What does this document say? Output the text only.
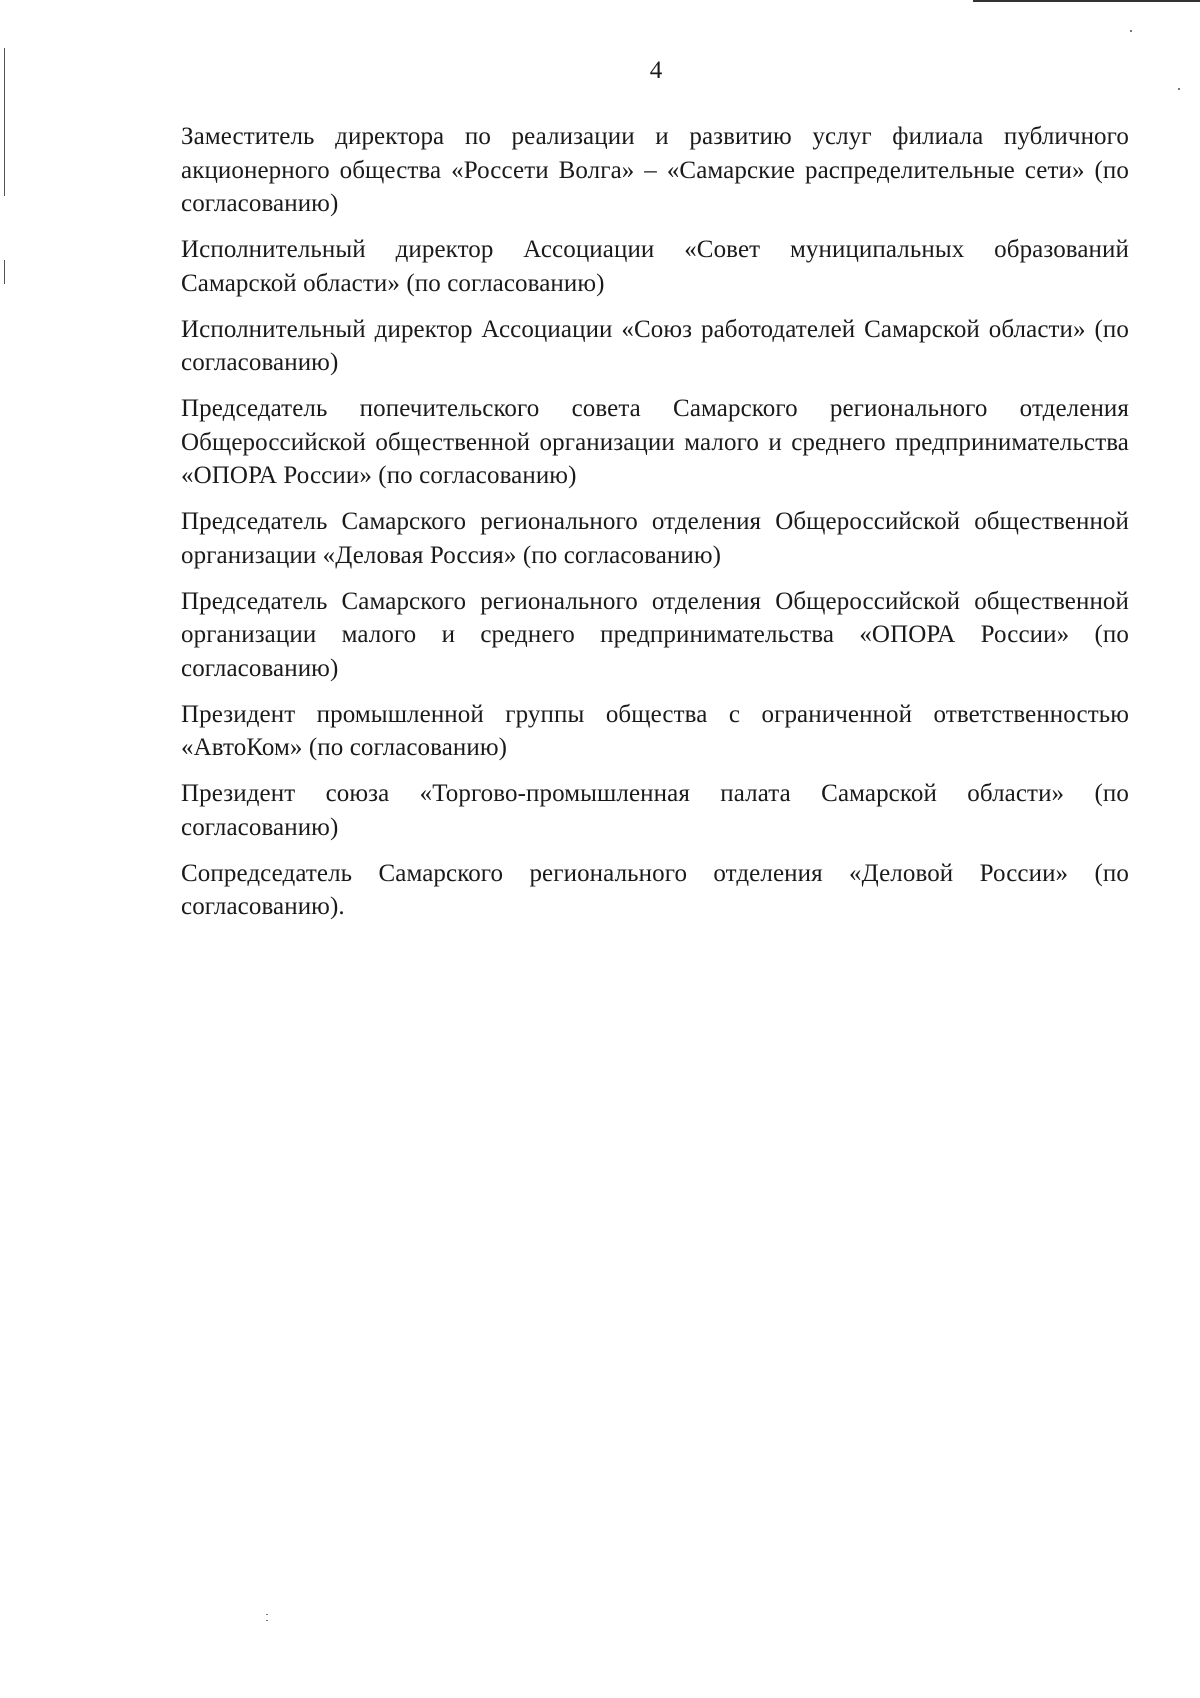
4

Заместитель директора по реализации и развитию услуг филиала публичного акционерного общества «Россети Волга» – «Самарские распределительные сети» (по согласованию)

Исполнительный директор Ассоциации «Совет муниципальных образований Самарской области» (по согласованию)

Исполнительный директор Ассоциации «Союз работодателей Самарской области» (по согласованию)

Председатель попечительского совета Самарского регионального отделения Общероссийской общественной организации малого и среднего предпринимательства «ОПОРА России» (по согласованию)

Председатель Самарского регионального отделения Общероссийской общественной организации «Деловая Россия» (по согласованию)

Председатель Самарского регионального отделения Общероссийской общественной организации малого и среднего предпринимательства «ОПОРА России» (по согласованию)

Президент промышленной группы общества с ограниченной ответственностью «АвтоКом» (по согласованию)

Президент союза «Торгово-промышленная палата Самарской области» (по согласованию)

Сопредседатель Самарского регионального отделения «Деловой России» (по согласованию).
